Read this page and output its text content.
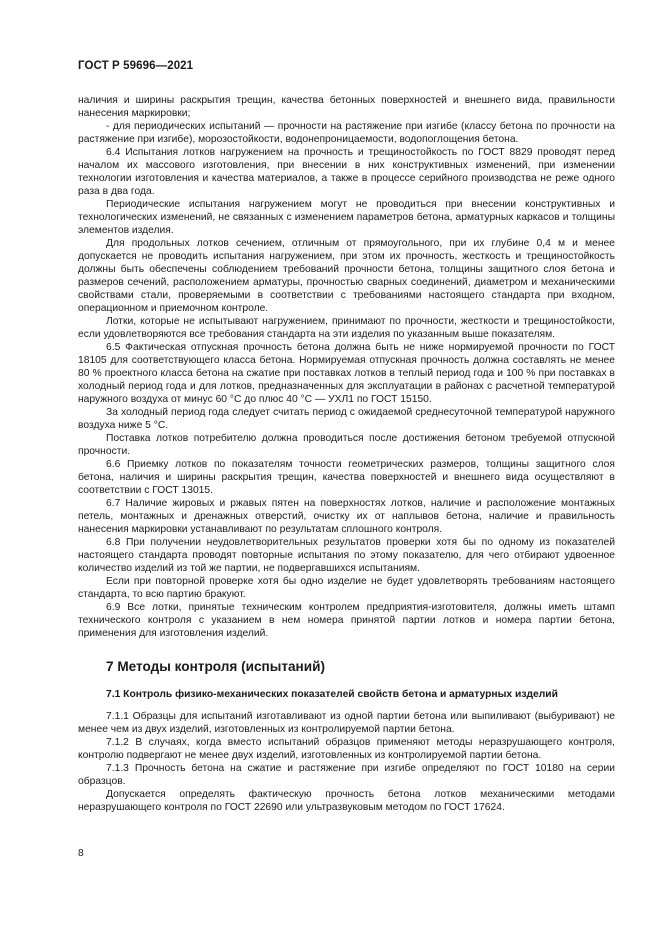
ГОСТ Р 59696—2021

наличия и ширины раскрытия трещин, качества бетонных поверхностей и внешнего вида, правильности нанесения маркировки;

- для периодических испытаний — прочности на растяжение при изгибе (классу бетона по прочности на растяжение при изгибе), морозостойкости, водонепроницаемости, водопоглощения бетона.

6.4 Испытания лотков нагружением на прочность и трещиностойкость по ГОСТ 8829 проводят перед началом их массового изготовления, при внесении в них конструктивных изменений, при изменении технологии изготовления и качества материалов, а также в процессе серийного производства не реже одного раза в два года.

Периодические испытания нагружением могут не проводиться при внесении конструктивных и технологических изменений, не связанных с изменением параметров бетона, арматурных каркасов и толщины элементов изделия.

Для продольных лотков сечением, отличным от прямоугольного, при их глубине 0,4 м и менее допускается не проводить испытания нагружением, при этом их прочность, жесткость и трещиностойкость должны быть обеспечены соблюдением требований прочности бетона, толщины защитного слоя бетона и размеров сечений, расположением арматуры, прочностью сварных соединений, диаметром и механическими свойствами стали, проверяемыми в соответствии с требованиями настоящего стандарта при входном, операционном и приемочном контроле.

Лотки, которые не испытывают нагружением, принимают по прочности, жесткости и трещиностойкости, если удовлетворяются все требования стандарта на эти изделия по указанным выше показателям.

6.5 Фактическая отпускная прочность бетона должна быть не ниже нормируемой прочности по ГОСТ 18105 для соответствующего класса бетона. Нормируемая отпускная прочность должна составлять не менее 80 % проектного класса бетона на сжатие при поставках лотков в теплый период года и 100 % при поставках в холодный период года и для лотков, предназначенных для эксплуатации в районах с расчетной температурой наружного воздуха от минус 60 °С до плюс 40 °С — УХЛ1 по ГОСТ 15150.

За холодный период года следует считать период с ожидаемой среднесуточной температурой наружного воздуха ниже 5 °С.

Поставка лотков потребителю должна проводиться после достижения бетоном требуемой отпускной прочности.

6.6 Приемку лотков по показателям точности геометрических размеров, толщины защитного слоя бетона, наличия и ширины раскрытия трещин, качества поверхностей и внешнего вида осуществляют в соответствии с ГОСТ 13015.

6.7 Наличие жировых и ржавых пятен на поверхностях лотков, наличие и расположение монтажных петель, монтажных и дренажных отверстий, очистку их от наплывов бетона, наличие и правильность нанесения маркировки устанавливают по результатам сплошного контроля.

6.8 При получении неудовлетворительных результатов проверки хотя бы по одному из показателей настоящего стандарта проводят повторные испытания по этому показателю, для чего отбирают удвоенное количество изделий из той же партии, не подвергавшихся испытаниям.

Если при повторной проверке хотя бы одно изделие не будет удовлетворять требованиям настоящего стандарта, то всю партию бракуют.

6.9 Все лотки, принятые техническим контролем предприятия-изготовителя, должны иметь штамп технического контроля с указанием в нем номера принятой партии лотков и номера партии бетона, применения для изготовления изделий.

7 Методы контроля (испытаний)
7.1 Контроль физико-механических показателей свойств бетона и арматурных изделий

7.1.1 Образцы для испытаний изготавливают из одной партии бетона или выпиливают (выбуривают) не менее чем из двух изделий, изготовленных из контролируемой партии бетона.

7.1.2 В случаях, когда вместо испытаний образцов применяют методы неразрушающего контроля, контролю подвергают не менее двух изделий, изготовленных из контролируемой партии бетона.

7.1.3 Прочность бетона на сжатие и растяжение при изгибе определяют по ГОСТ 10180 на серии образцов.

Допускается определять фактическую прочность бетона лотков механическими методами неразрушающего контроля по ГОСТ 22690 или ультразвуковым методом по ГОСТ 17624.

8
